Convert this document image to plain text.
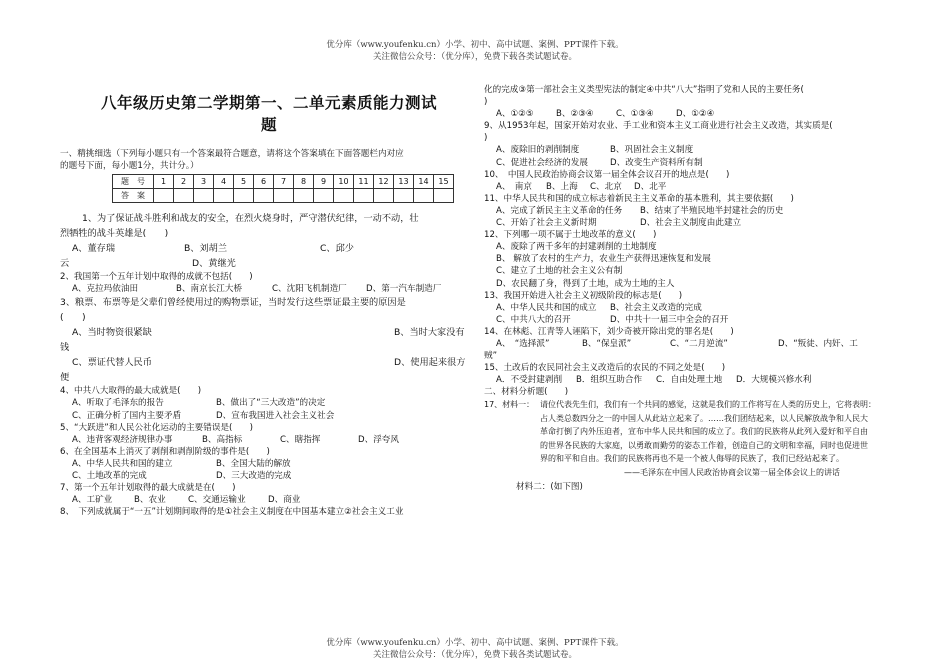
优分库（www.youfenku.cn）小学、初中、高中试题、案例、PPT课件下载。
关注微信公众号：（优分库），免费下载各类试题试卷。
八年级历史第二学期第一、二单元素质能力测试
题
一、精挑细选（下列每小题只有一个答案最符合题意，请将这个答案填在下面答题栏内对应
的题号下面，每小题1分，共计分。）
题　号	1	2	3	4	5	6	7	8	9	10	11	12	13	14	15
答　案															
1、为了保证战斗胜利和战友的安全，在烈火烧身时，严守潜伏纪律，一动不动，壮
烈牺牲的战斗英雄是(　　)
A、董存瑞	B、刘胡兰	C、邱少
云	D、黄继光
2、我国第一个五年计划中取得的成就不包括(　　)
A、克拉玛依油田	B、南京长江大桥	C、沈阳飞机制造厂	D、第一汽车制造厂
3、粮票、布票等是父辈们曾经使用过的购物票证，当时发行这些票证最主要的原因是
(　　)
A、当时物资很紧缺	B、当时大家没有
钱
C、票证代替人民币	D、使用起来很方
便
4、中共八大取得的最大成就是(　　)
A、听取了毛泽东的报告	B、做出了“三大改造”的决定
C、正确分析了国内主要矛盾	D、宣布我国进入社会主义社会
5、“大跃进”和人民公社化运动的主要错误是(　　)
A、违背客观经济规律办事	B、高指标	C、瞎指挥	D、浮夸风
6、在全国基本上消灭了剥削和剥削阶级的事件是(　　)
A、中华人民共和国的建立	B、全国大陆的解放
C、土地改革的完成	D、三大改造的完成
7、第一个五年计划取得的最大成就是在(　　)
A、工矿业	B、农业	C、交通运输业	D、商业
8、　下列成就属于“一五”计划期间取得的是①社会主义制度在中国基本建立②社会主义工业
化的完成③第一部社会主义类型宪法的制定④中共“八大”指明了党和人民的主要任务(
)
A、①②⑤	B、②③④	C、①③④	D、①②④
9、从1953年起，国家开始对农业、手工业和资本主义工商业进行社会主义改造，其实质是(
)
A、废除旧的剥削制度	B、巩固社会主义制度
C、促进社会经济的发展	D、改变生产资料所有制
10、　中国人民政治协商会议第一届全体会议召开的地点是(　　)
A、　南京	B、上海	C、北京	D、北平
11、中华人民共和国的成立标志着新民主主义革命的基本胜利，其主要依据(　　)
A、完成了新民主主义革命的任务	B、结束了半殖民地半封建社会的历史
C、开始了社会主义新时期	D、社会主义制度由此建立
12、下列哪一项不属于土地改革的意义(　　)
A、废除了两千多年的封建剥削的土地制度
B、 解放了农村的生产力，农业生产获得迅速恢复和发展
C、建立了土地的社会主义公有制
D、农民翻了身，得到了土地，成为土地的主人
13、我国开始进入社会主义初级阶段的标志是(　　)
A、中华人民共和国的成立	B、社会主义改造的完成
C、中共八大的召开	D、中共十一届三中全会的召开
14、在林彪、江青等人诬陷下，刘少奇被开除出党的罪名是(　　)
A、　“选择派”	B、“保皇派”	C、“二月逆流”	D、“叛徒、内奸、工
贼”
15、土改后的农民同社会主义改造后的农民的不同之处是(　　)
A．不受封建剥削	B．组织互助合作	C．自由处理土地	D．大规模兴修水利
二、材料分析题(　　)
17、材料一： 请位代表先生们，我们有一个共同的感觉，这就是我们的工作将写在人类的历史上，它将表明：
占人类总数四分之一的中国人从此站立起来了。……我们团结起来，以人民解放战争和人民大
革命打倒了内外压迫者，宣布中华人民共和国的成立了。我们的民族将从此列入爱好和平自由
的世界各民族的大家庭，以勇敢而勤劳的姿态工作着，创造自己的文明和幸福，同时也促进世
界的和平和自由。我们的民族将再也不是一个被人侮辱的民族了，我们已经站起来了。
——毛泽东在中国人民政治协商会议第一届全体会议上的讲话
材料二：(如下图)
优分库（www.youfenku.cn）小学、初中、高中试题、案例、PPT课件下载。
关注微信公众号：（优分库），免费下载各类试题试卷。
